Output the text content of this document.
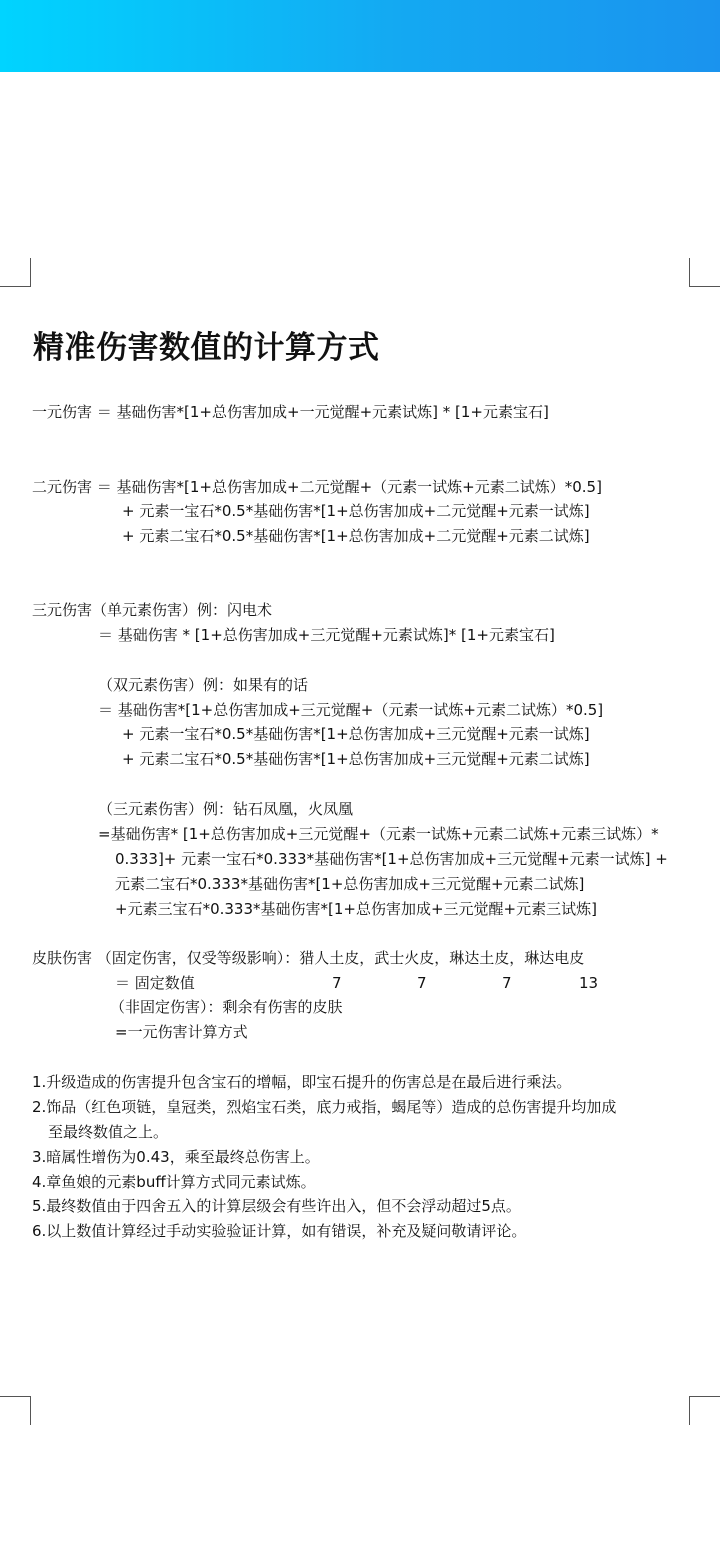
精准伤害数值的计算方式
一元伤害 ＝ 基础伤害*[1+总伤害加成+一元觉醒+元素试炼] * [1+元素宝石]
二元伤害 ＝ 基础伤害*[1+总伤害加成+二元觉醒+（元素一试炼+元素二试炼）*0.5]
+ 元素一宝石*0.5*基础伤害*[1+总伤害加成+二元觉醒+元素一试炼]
+ 元素二宝石*0.5*基础伤害*[1+总伤害加成+二元觉醒+元素二试炼]
三元伤害（单元素伤害）例：闪电术
＝ 基础伤害 * [1+总伤害加成+三元觉醒+元素试炼]* [1+元素宝石]
（双元素伤害）例：如果有的话
＝ 基础伤害*[1+总伤害加成+三元觉醒+（元素一试炼+元素二试炼）*0.5]
+ 元素一宝石*0.5*基础伤害*[1+总伤害加成+三元觉醒+元素一试炼]
+ 元素二宝石*0.5*基础伤害*[1+总伤害加成+三元觉醒+元素二试炼]
（三元素伤害）例：钻石凤凰，火凤凰
=基础伤害* [1+总伤害加成+三元觉醒+（元素一试炼+元素二试炼+元素三试炼）*
0.333]+ 元素一宝石*0.333*基础伤害*[1+总伤害加成+三元觉醒+元素一试炼] +
元素二宝石*0.333*基础伤害*[1+总伤害加成+三元觉醒+元素二试炼]
+元素三宝石*0.333*基础伤害*[1+总伤害加成+三元觉醒+元素三试炼]
皮肤伤害 （固定伤害，仅受等级影响）：猎人土皮，武士火皮，琳达土皮，琳达电皮
＝ 固定数值	7	7	7	13
（非固定伤害）：剩余有伤害的皮肤
=一元伤害计算方式
1.升级造成的伤害提升包含宝石的增幅，即宝石提升的伤害总是在最后进行乘法。
2.饰品（红色项链，皇冠类，烈焰宝石类，底力戒指，蝎尾等）造成的总伤害提升均加成
至最终数值之上。
3.暗属性增伤为0.43，乘至最终总伤害上。
4.章鱼娘的元素buff计算方式同元素试炼。
5.最终数值由于四舍五入的计算层级会有些许出入，但不会浮动超过5点。
6.以上数值计算经过手动实验验证计算，如有错误，补充及疑问敬请评论。
